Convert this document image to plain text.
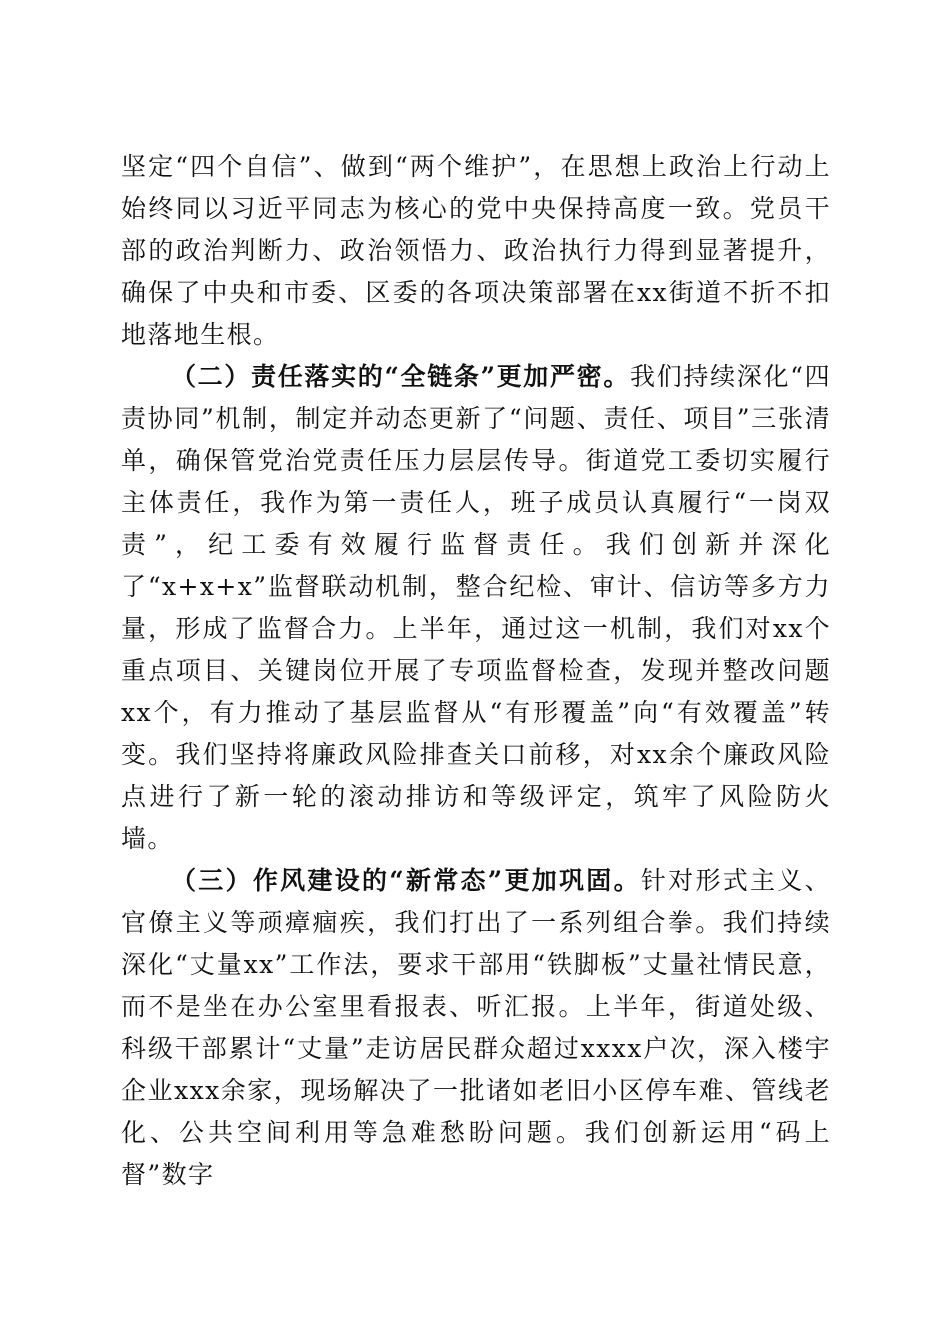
坚定“四个自信”、做到“两个维护”，在思想上政治上行动上始终同以习近平同志为核心的党中央保持高度一致。党员干部的政治判断力、政治领悟力、政治执行力得到显著提升，确保了中央和市委、区委的各项决策部署在xx街道不折不扣地落地生根。

（二）责任落实的“全链条”更加严密。我们持续深化“四责协同”机制，制定并动态更新了“问题、责任、项目”三张清单，确保管党治党责任压力层层传导。街道党工委切实履行主体责任，我作为第一责任人，班子成员认真履行“一岗双责”，纪工委有效履行监督责任。我们创新并深化了“x+x+x”监督联动机制，整合纪检、审计、信访等多方力量，形成了监督合力。上半年，通过这一机制，我们对xx个重点项目、关键岗位开展了专项监督检查，发现并整改问题xx个，有力推动了基层监督从“有形覆盖”向“有效覆盖”转变。我们坚持将廉政风险排查关口前移，对xx余个廉政风险点进行了新一轮的滚动排访和等级评定，筑牢了风险防火墙。

（三）作风建设的“新常态”更加巩固。针对形式主义、官僚主义等顽瘴痼疾，我们打出了一系列组合拳。我们持续深化“丈量xx”工作法，要求干部用“铁脚板”丈量社情民意，而不是坐在办公室里看报表、听汇报。上半年，街道处级、科级干部累计“丈量”走访居民群众超过xxxx户次，深入楼宇企业xxx余家，现场解决了一批诸如老旧小区停车难、管线老化、公共空间利用等急难愁盼问题。我们创新运用“码上督”数字
